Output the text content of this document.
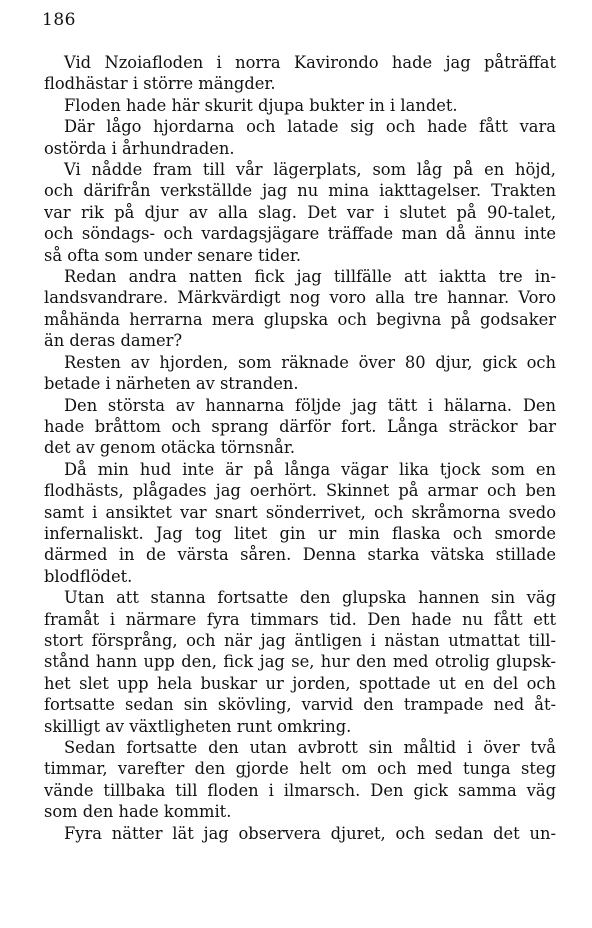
186
Vid Nzoiafloden i norra Kavirondo hade jag påträffat
flodhästar i större mängder.
Floden hade här skurit djupa bukter in i landet.
Där lågo hjordarna och latade sig och hade fått vara
ostörda i århundraden.
Vi nådde fram till vår lägerplats, som låg på en höjd,
och därifrån verkställde jag nu mina iakttagelser. Trakten
var rik på djur av alla slag. Det var i slutet på 90-talet,
och söndags- och vardagsjägare träffade man då ännu inte
så ofta som under senare tider.
Redan andra natten fick jag tillfälle att iaktta tre in-
landsvandrare. Märkvärdigt nog voro alla tre hannar. Voro
måhända herrarna mera glupska och begivna på godsaker
än deras damer?
Resten av hjorden, som räknade över 80 djur, gick och
betade i närheten av stranden.
Den största av hannarna följde jag tätt i hälarna. Den
hade bråttom och sprang därför fort. Långa sträckor bar
det av genom otäcka törnsnår.
Då min hud inte är på långa vägar lika tjock som en
flodhästs, plågades jag oerhört. Skinnet på armar och ben
samt i ansiktet var snart sönderrivet, och skråmorna svedo
infernaliskt. Jag tog litet gin ur min flaska och smorde
därmed in de värsta såren. Denna starka vätska stillade
blodflödet.
Utan att stanna fortsatte den glupska hannen sin väg
framåt i närmare fyra timmars tid. Den hade nu fått ett
stort försprång, och när jag äntligen i nästan utmattat till-
stånd hann upp den, fick jag se, hur den med otrolig glupsk-
het slet upp hela buskar ur jorden, spottade ut en del och
fortsatte sedan sin skövling, varvid den trampade ned åt-
skilligt av växtligheten runt omkring.
Sedan fortsatte den utan avbrott sin måltid i över två
timmar, varefter den gjorde helt om och med tunga steg
vände tillbaka till floden i ilmarsch. Den gick samma väg
som den hade kommit.
Fyra nätter lät jag observera djuret, och sedan det un-
